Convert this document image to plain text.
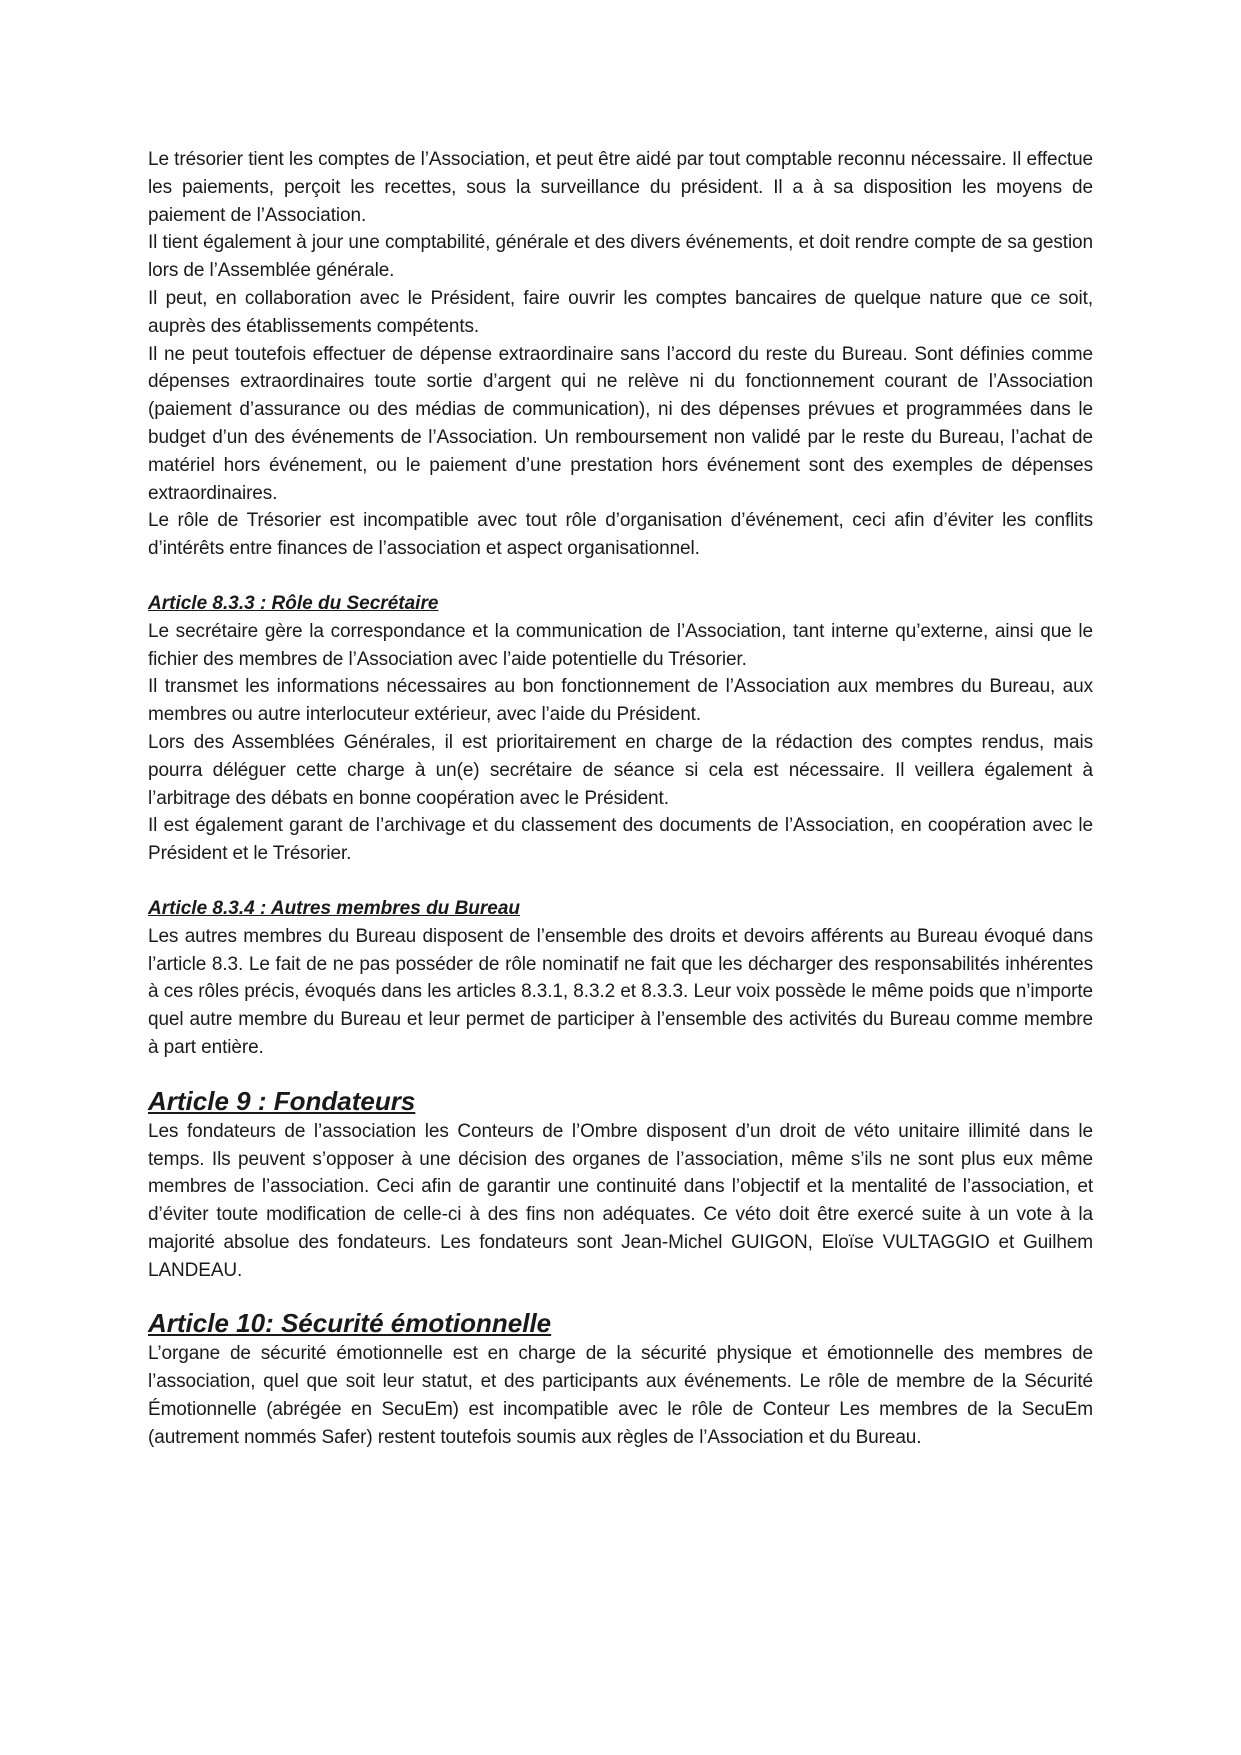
Le trésorier tient les comptes de l’Association, et peut être aidé par tout comptable reconnu nécessaire. Il effectue les paiements, perçoit les recettes, sous la surveillance du président. Il a à sa disposition les moyens de paiement de l’Association.

Il tient également à jour une comptabilité, générale et des divers événements, et doit rendre compte de sa gestion lors de l’Assemblée générale.

Il peut, en collaboration avec le Président, faire ouvrir les comptes bancaires de quelque nature que ce soit, auprès des établissements compétents.

Il ne peut toutefois effectuer de dépense extraordinaire sans l’accord du reste du Bureau. Sont définies comme dépenses extraordinaires toute sortie d’argent qui ne relève ni du fonctionnement courant de l’Association (paiement d’assurance ou des médias de communication), ni des dépenses prévues et programmées dans le budget d’un des événements de l’Association. Un remboursement non validé par le reste du Bureau, l’achat de matériel hors événement, ou le paiement d’une prestation hors événement sont des exemples de dépenses extraordinaires.

Le rôle de Trésorier est incompatible avec tout rôle d’organisation d’événement, ceci afin d’éviter les conflits d’intérêts entre finances de l’association et aspect organisationnel.

Article 8.3.3 : Rôle du Secrétaire

Le secrétaire gère la correspondance et la communication de l’Association, tant interne qu’externe, ainsi que le fichier des membres de l’Association avec l’aide potentielle du Trésorier.

Il transmet les informations nécessaires au bon fonctionnement de l’Association aux membres du Bureau, aux membres ou autre interlocuteur extérieur, avec l’aide du Président.

Lors des Assemblées Générales, il est prioritairement en charge de la rédaction des comptes rendus, mais pourra déléguer cette charge à un(e) secrétaire de séance si cela est nécessaire. Il veillera également à l’arbitrage des débats en bonne coopération avec le Président.

Il est également garant de l’archivage et du classement des documents de l’Association, en coopération avec le Président et le Trésorier.

Article 8.3.4 : Autres membres du Bureau

Les autres membres du Bureau disposent de l’ensemble des droits et devoirs afférents au Bureau évoqué dans l’article 8.3. Le fait de ne pas posséder de rôle nominatif ne fait que les décharger des responsabilités inhérentes à ces rôles précis, évoqués dans les articles 8.3.1, 8.3.2 et 8.3.3. Leur voix possède le même poids que n’importe quel autre membre du Bureau et leur permet de participer à l’ensemble des activités du Bureau comme membre à part entière.

Article 9 : Fondateurs

Les fondateurs de l’association les Conteurs de l’Ombre disposent d’un droit de véto unitaire illimité dans le temps. Ils peuvent s’opposer à une décision des organes de l’association, même s’ils ne sont plus eux même membres de l’association. Ceci afin de garantir une continuité dans l’objectif et la mentalité de l’association, et d’éviter toute modification de celle-ci à des fins non adéquates. Ce véto doit être exercé suite à un vote à la majorité absolue des fondateurs. Les fondateurs sont Jean-Michel GUIGON, Eloïse VULTAGGIO et Guilhem LANDEAU.

Article 10: Sécurité émotionnelle

L’organe de sécurité émotionnelle est en charge de la sécurité physique et émotionnelle des membres de l’association, quel que soit leur statut, et des participants aux événements. Le rôle de membre de la Sécurité Émotionnelle (abrégée en SecuEm) est incompatible avec le rôle de Conteur Les membres de la SecuEm (autrement nommés Safer) restent toutefois soumis aux règles de l’Association et du Bureau.
